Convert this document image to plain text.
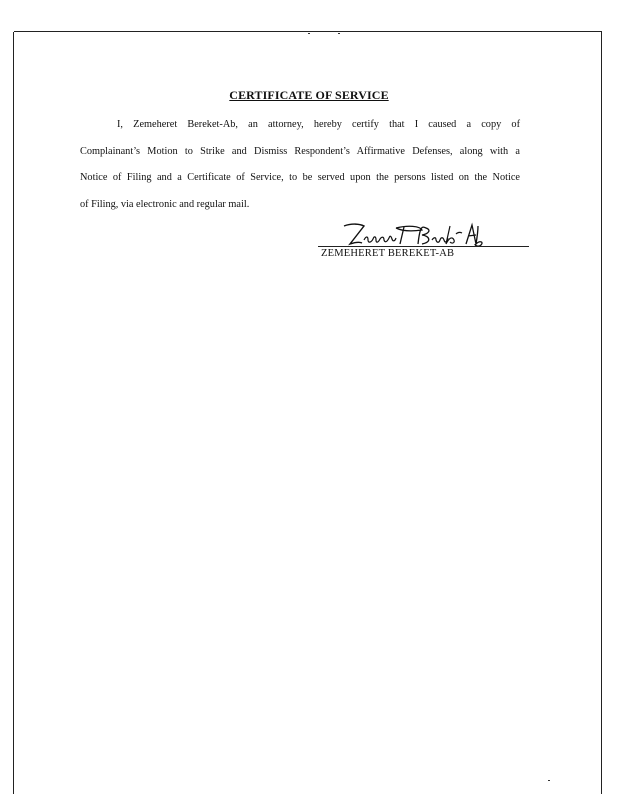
CERTIFICATE OF SERVICE
I, Zemeheret Bereket-Ab, an attorney, hereby certify that I caused a copy of
Complainant’s Motion to Strike and Dismiss Respondent’s Affirmative Defenses, along with a
Notice of Filing and a Certificate of Service, to be served upon the persons listed on the Notice
of Filing, via electronic and regular mail.
ZEMEHERET BEREKET-AB
